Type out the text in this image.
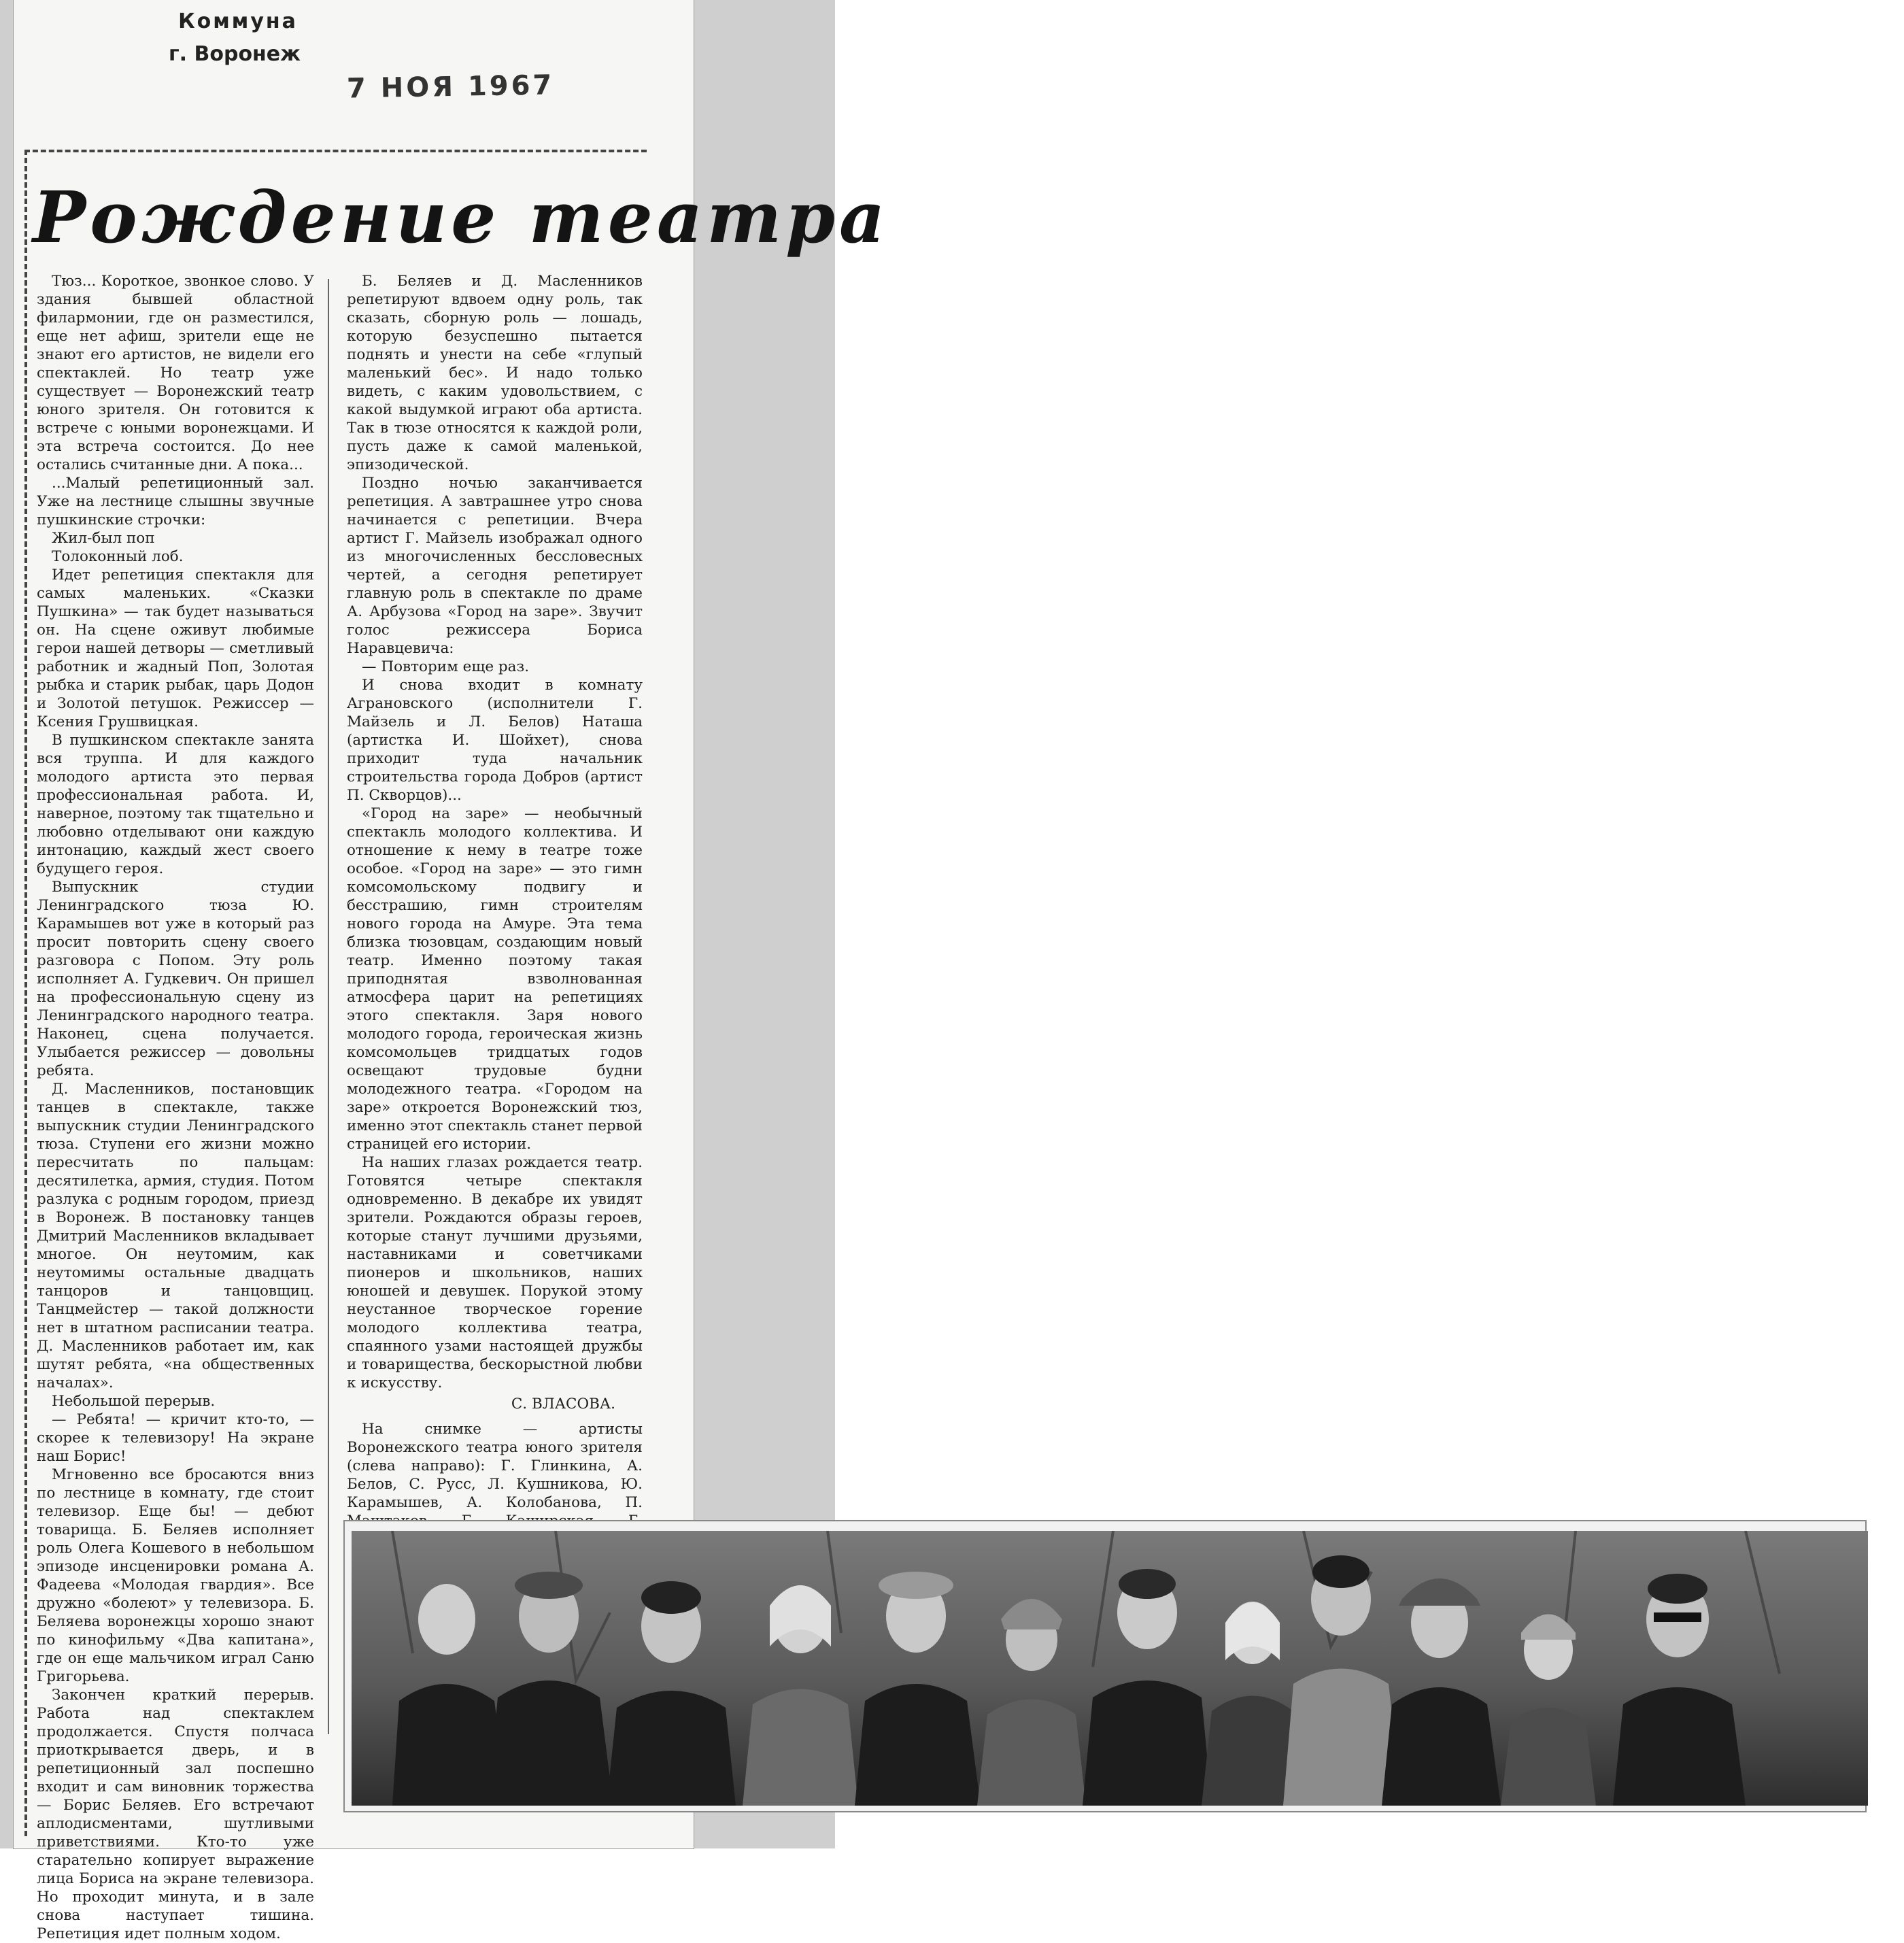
Коммуна
г. Воронеж
7 НОЯ 1967
Рождение театра

Тюз... Короткое, звонкое слово. У здания бывшей областной филармонии, где он разместился, еще нет афиш, зрители еще не знают его артистов, не видели его спектаклей. Но театр уже существует — Воронежский театр юного зрителя. Он готовится к встрече с юными воронежцами. И эта встреча состоится. До нее остались считанные дни. А пока...

...Малый репетиционный зал. Уже на лестнице слышны звучные пушкинские строчки:

Жил-был поп

Толоконный лоб.

Идет репетиция спектакля для самых маленьких. «Сказки Пушкина» — так будет называться он. На сцене оживут любимые герои нашей детворы — сметливый работник и жадный Поп, Золотая рыбка и старик рыбак, царь Додон и Золотой петушок. Режиссер — Ксения Грушвицкая.

В пушкинском спектакле занята вся труппа. И для каждого молодого артиста это первая профессиональная работа. И, наверное, поэтому так тщательно и любовно отделывают они каждую интонацию, каждый жест своего будущего героя.

Выпускник студии Ленинградского тюза Ю. Карамышев вот уже в который раз просит повторить сцену своего разговора с Попом. Эту роль исполняет А. Гудкевич. Он пришел на профессиональную сцену из Ленинградского народного театра. Наконец, сцена получается. Улыбается режиссер — довольны ребята.

Д. Масленников, постановщик танцев в спектакле, также выпускник студии Ленинградского тюза. Ступени его жизни можно пересчитать по пальцам: десятилетка, армия, студия. Потом разлука с родным городом, приезд в Воронеж. В постановку танцев Дмитрий Масленников вкладывает многое. Он неутомим, как неутомимы остальные двадцать танцоров и танцовщиц. Танцмейстер — такой должности нет в штатном расписании театра. Д. Масленников работает им, как шутят ребята, «на общественных началах».

Небольшой перерыв.

— Ребята! — кричит кто-то, — скорее к телевизору! На экране наш Борис!

Мгновенно все бросаются вниз по лестнице в комнату, где стоит телевизор. Еще бы! — дебют товарища. Б. Беляев исполняет роль Олега Кошевого в небольшом эпизоде инсценировки романа А. Фадеева «Молодая гвардия». Все дружно «болеют» у телевизора. Б. Беляева воронежцы хорошо знают по кинофильму «Два капитана», где он еще мальчиком играл Саню Григорьева.

Закончен краткий перерыв. Работа над спектаклем продолжается. Спустя полчаса приоткрывается дверь, и в репетиционный зал поспешно входит и сам виновник торжества — Борис Беляев. Его встречают аплодисментами, шутливыми приветствиями. Кто-то уже старательно копирует выражение лица Бориса на экране телевизора. Но проходит минута, и в зале снова наступает тишина. Репетиция идет полным ходом.

Б. Беляев и Д. Масленников репетируют вдвоем одну роль, так сказать, сборную роль — лошадь, которую безуспешно пытается поднять и унести на себе «глупый маленький бес». И надо только видеть, с каким удовольствием, с какой выдумкой играют оба артиста. Так в тюзе относятся к каждой роли, пусть даже к самой маленькой, эпизодической.

Поздно ночью заканчивается репетиция. А завтрашнее утро снова начинается с репетиции. Вчера артист Г. Майзель изображал одного из многочисленных бессловесных чертей, а сегодня репетирует главную роль в спектакле по драме А. Арбузова «Город на заре». Звучит голос режиссера Бориса Наравцевича:

— Повторим еще раз.

И снова входит в комнату Аграновского (исполнители Г. Майзель и Л. Белов) Наташа (артистка И. Шойхет), снова приходит туда начальник строительства города Добров (артист П. Скворцов)...

«Город на заре» — необычный спектакль молодого коллектива. И отношение к нему в театре тоже особое. «Город на заре» — это гимн комсомольскому подвигу и бесстрашию, гимн строителям нового города на Амуре. Эта тема близка тюзовцам, создающим новый театр. Именно поэтому такая приподнятая взволнованная атмосфера царит на репетициях этого спектакля. Заря нового молодого города, героическая жизнь комсомольцев тридцатых годов освещают трудовые будни молодежного театра. «Городом на заре» откроется Воронежский тюз, именно этот спектакль станет первой страницей его истории.

На наших глазах рождается театр. Готовятся четыре спектакля одновременно. В декабре их увидят зрители. Рождаются образы героев, которые станут лучшими друзьями, наставниками и советчиками пионеров и школьников, наших юношей и девушек. Порукой этому неустанное творческое горение молодого коллектива театра, спаянного узами настоящей дружбы и товарищества, бескорыстной любви к искусству.

С. ВЛАСОВА.

На снимке — артисты Воронежского театра юного зрителя (слева направо): Г. Глинкина, А. Белов, С. Русс, Л. Кушникова, Ю. Карамышев, А. Колобанова, П.
